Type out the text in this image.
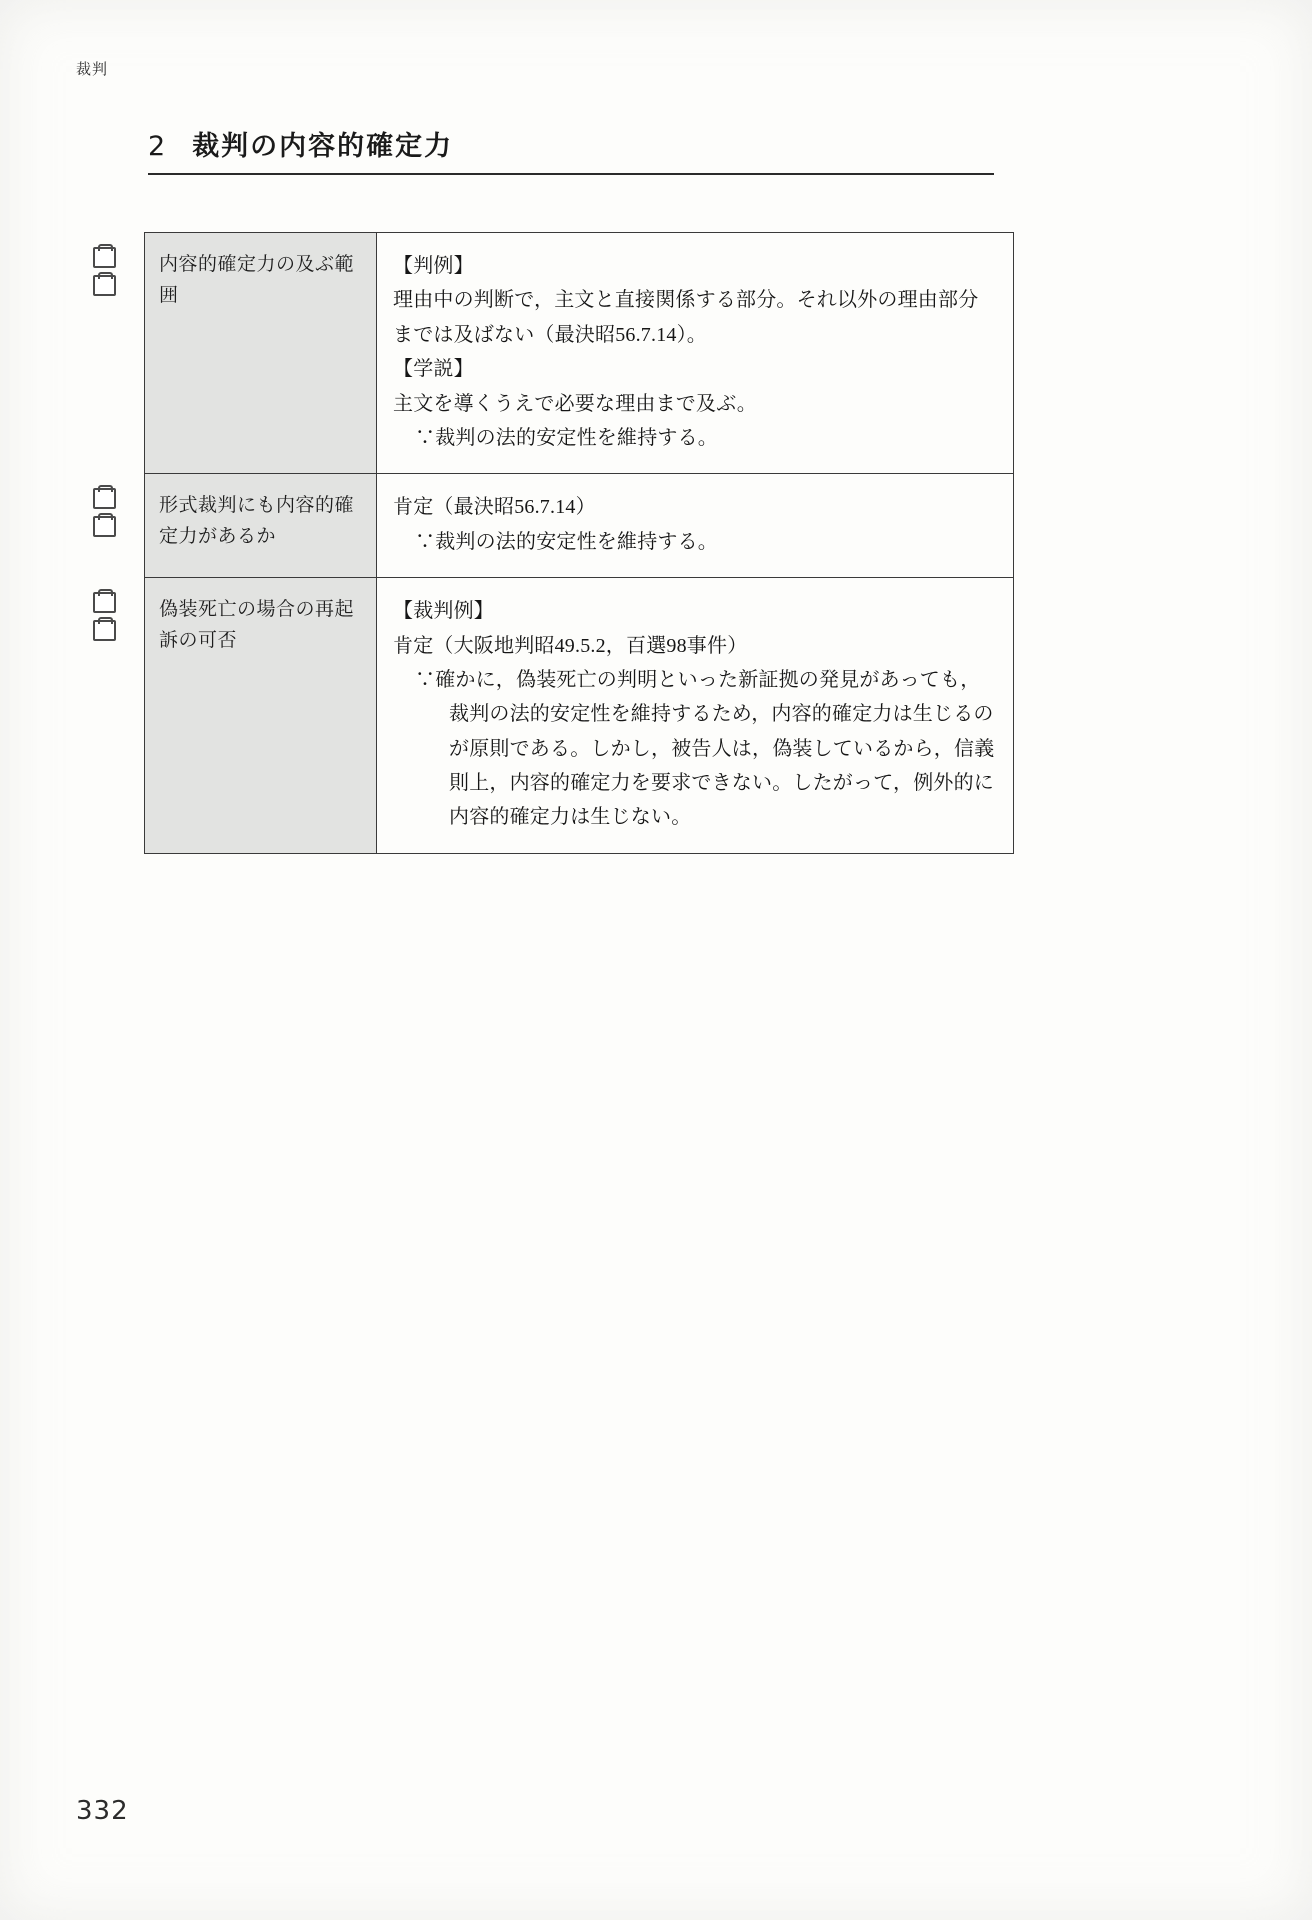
裁判
2 裁判の内容的確定力
内容的確定力の及ぶ範囲

【判例】

理由中の判断で，主文と直接関係する部分。それ以外の理由部分までは及ばない（最決昭56.7.14）。

【学説】

主文を導くうえで必要な理由まで及ぶ。

∵裁判の法的安定性を維持する。

形式裁判にも内容的確定力があるか

肯定（最決昭56.7.14）

∵裁判の法的安定性を維持する。

偽装死亡の場合の再起訴の可否

【裁判例】

肯定（大阪地判昭49.5.2，百選98事件）

∵確かに，偽装死亡の判明といった新証拠の発見があっても，裁判の法的安定性を維持するため，内容的確定力は生じるのが原則である。しかし，被告人は，偽装しているから，信義則上，内容的確定力を要求できない。したがって，例外的に内容的確定力は生じない。

332
